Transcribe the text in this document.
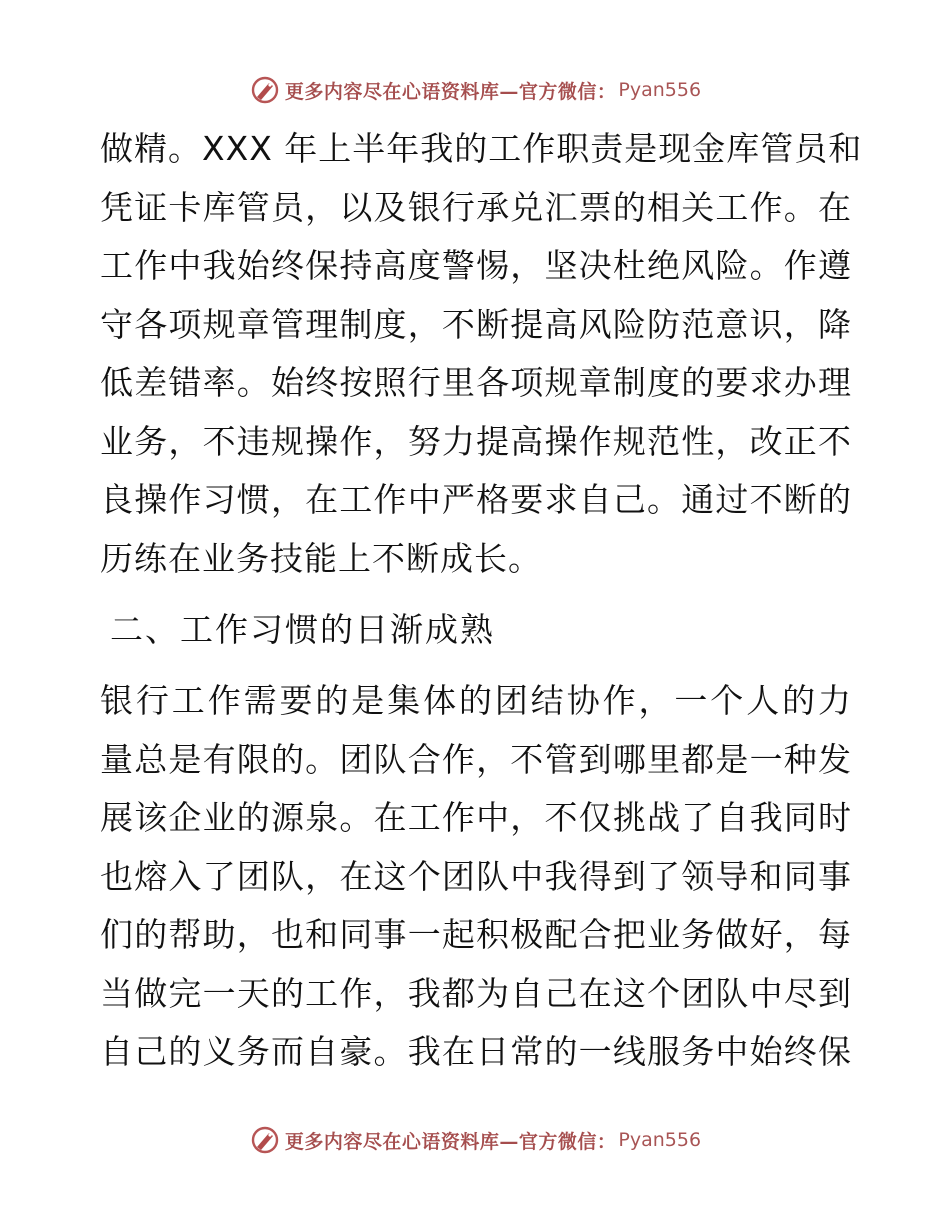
更多内容尽在心语资料库—官方微信： Pyan556
做精。XXX 年上半年我的工作职责是现金库管员和
凭证卡库管员，以及银行承兑汇票的相关工作。在
工作中我始终保持高度警惕，坚决杜绝风险。作遵
守各项规章管理制度，不断提高风险防范意识，降
低差错率。始终按照行里各项规章制度的要求办理
业务，不违规操作，努力提高操作规范性，改正不
良操作习惯，在工作中严格要求自己。通过不断的
历练在业务技能上不断成长。
二、工作习惯的日渐成熟
银行工作需要的是集体的团结协作，一个人的力
量总是有限的。团队合作，不管到哪里都是一种发
展该企业的源泉。在工作中，不仅挑战了自我同时
也熔入了团队，在这个团队中我得到了领导和同事
们的帮助，也和同事一起积极配合把业务做好，每
当做完一天的工作，我都为自己在这个团队中尽到
自己的义务而自豪。我在日常的一线服务中始终保
更多内容尽在心语资料库—官方微信： Pyan556
